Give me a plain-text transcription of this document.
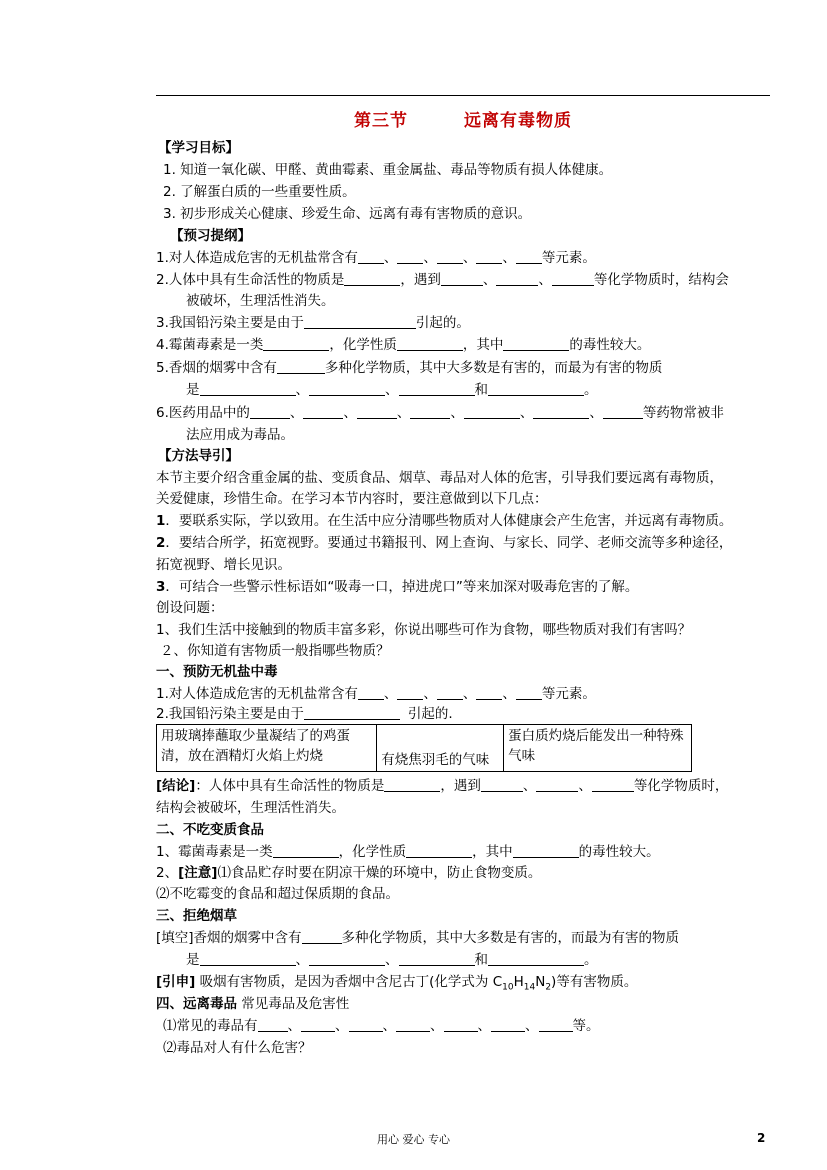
第三节	远离有毒物质
【学习目标】
1. 知道一氧化碳、甲醛、黄曲霉素、重金属盐、毒品等物质有损人体健康。
2. 了解蛋白质的一些重要性质。
3. 初步形成关心健康、珍爱生命、远离有毒有害物质的意识。
【预习提纲】
1.对人体造成危害的无机盐常含有 、 、 、 、 等元素。
2.人体中具有生命活性的物质是	，遇到	、	、	等化学物质时，结构会
被破坏，生理活性消失。
3.我国铅污染主要是由于	引起的。
4.霉菌毒素是一类	，化学性质	，其中	的毒性较大。
5.香烟的烟雾中含有	多种化学物质，其中大多数是有害的，而最为有害的物质
是	、	、	和	。
6.医药用品中的	、	、	、	、	、	、	等药物常被非
法应用成为毒品。
【方法导引】
本节主要介绍含重金属的盐、变质食品、烟草、毒品对人体的危害，引导我们要远离有毒物质，
关爱健康，珍惜生命。在学习本节内容时，要注意做到以下几点：
1．要联系实际，学以致用。在生活中应分清哪些物质对人体健康会产生危害，并远离有毒物质。
2．要结合所学，拓宽视野。要通过书籍报刊、网上查询、与家长、同学、老师交流等多种途径，
拓宽视野、增长见识。
3．可结合一些警示性标语如“吸毒一口，掉进虎口”等来加深对吸毒危害的了解。
创设问题：
1、我们生活中接触到的物质丰富多彩，你说出哪些可作为食物，哪些物质对我们有害吗？
２、你知道有害物质一般指哪些物质？
一、预防无机盐中毒
1.对人体造成危害的无机盐常含有 、 、 、 、 等元素。
2.我国铅污染主要是由于	引起的.
用玻璃捧蘸取少量凝结了的鸡蛋清，放在酒精灯火焰上灼烧	有烧焦羽毛的气味	蛋白质灼烧后能发出一种特殊气味
[结论]：人体中具有生命活性的物质是	，遇到	、	、	等化学物质时，
结构会被破坏，生理活性消失。
二、不吃变质食品
1、霉菌毒素是一类	，化学性质	，其中	的毒性较大。
2、[注意]⑴食品贮存时要在阴凉干燥的环境中，防止食物变质。
⑵不吃霉变的食品和超过保质期的食品。
三、拒绝烟草
[填空]香烟的烟雾中含有	多种化学物质，其中大多数是有害的，而最为有害的物质
是	、	、	和	。
[引申] 吸烟有害物质，是因为香烟中含尼古丁(化学式为 $C_{10}H_{14}N_2$)等有害物质。
四、远离毒品 常见毒品及危害性
⑴常见的毒品有 、	、	、	、	、	、	等。
⑵毒品对人有什么危害？
用心 爱心 专心	2
